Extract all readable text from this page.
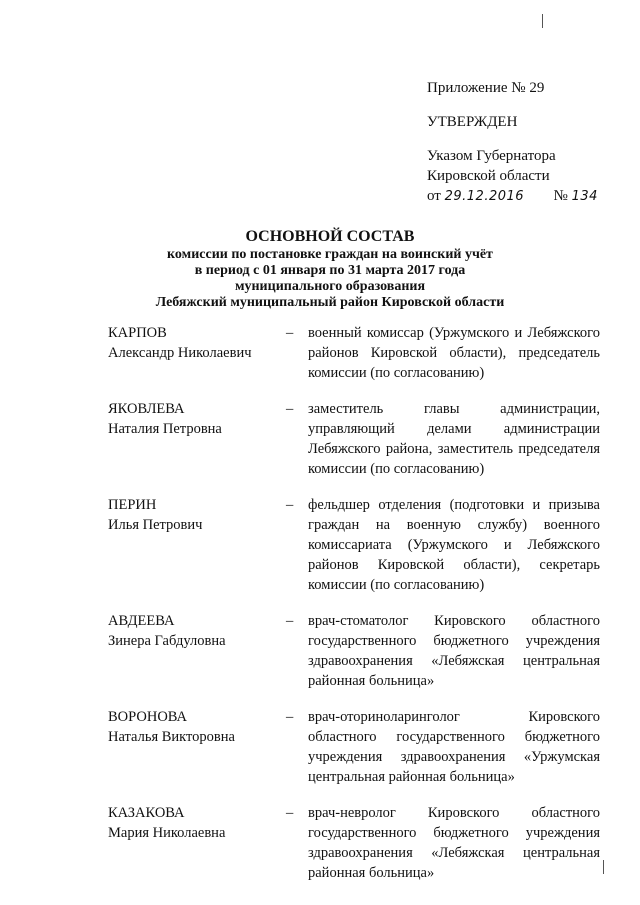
Приложение № 29
УТВЕРЖДЕН
Указом Губернатора
Кировской области
от 29.12.2016 № 134
ОСНОВНОЙ СОСТАВ
комиссии по постановке граждан на воинский учёт
в период с 01 января по 31 марта 2017 года
муниципального образования
Лебяжский муниципальный район Кировской области
КАРПОВ
Александр Николаевич
–	военный комиссар (Уржумского и Лебяжского районов Кировской области), председатель комиссии (по согласованию)
ЯКОВЛЕВА
Наталия Петровна
–	заместитель главы администрации, управляющий делами администрации Лебяжского района, заместитель председателя комиссии (по согласованию)
ПЕРИН
Илья Петрович
–	фельдшер отделения (подготовки и призыва граждан на военную службу) военного комиссариата (Уржумского и Лебяжского районов Кировской области), секретарь комиссии (по согласованию)
АВДЕЕВА
Зинера Габдуловна
–	врач-стоматолог Кировского областного государственного бюджетного учреждения здравоохранения «Лебяжская центральная районная больница»
ВОРОНОВА
Наталья Викторовна
–	врач-оториноларинголог Кировского областного государственного бюджетного учреждения здравоохранения «Уржумская центральная районная больница»
КАЗАКОВА
Мария Николаевна
–	врач-невролог Кировского областного государственного бюджетного учреждения здравоохранения «Лебяжская центральная районная больница»
